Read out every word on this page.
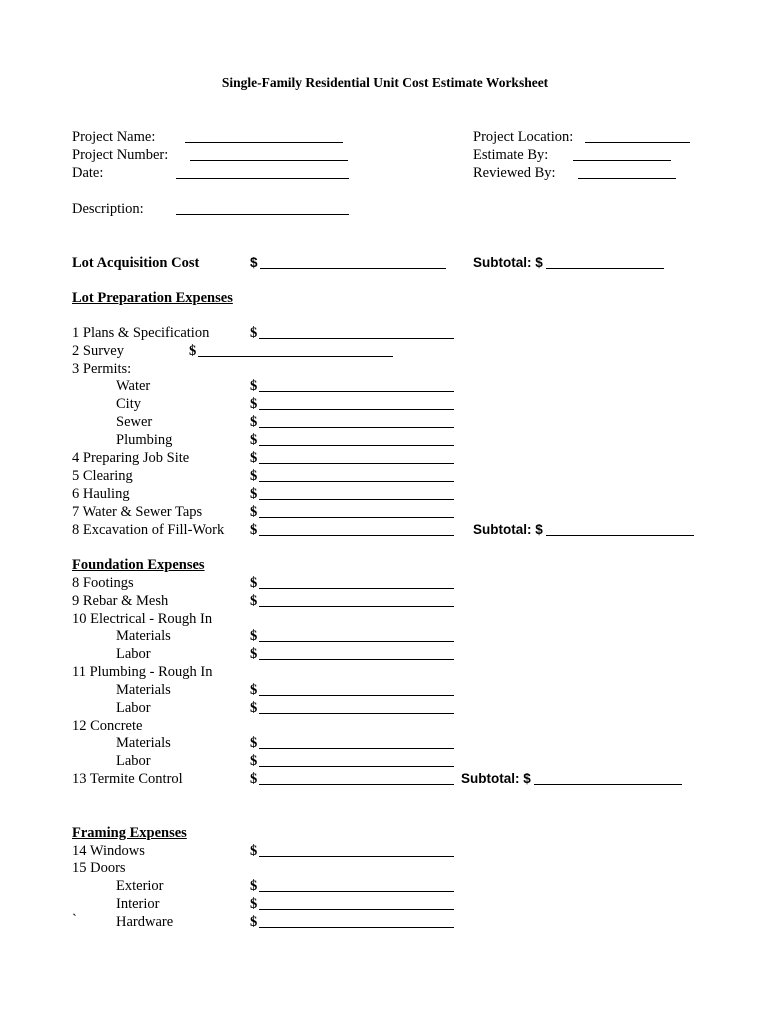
Single-Family Residential Unit Cost Estimate Worksheet
Project Name:
Project Number:
Date:
Description:
Project Location:
Estimate By:
Reviewed By:
Lot Acquisition Cost	$	Subtotal: $
Lot Preparation Expenses
1 Plans & Specification	$
2 Survey	$
3 Permits:
Water	$
City	$
Sewer	$
Plumbing	$
4 Preparing Job Site	$
5 Clearing	$
6 Hauling	$
7 Water & Sewer Taps	$
8 Excavation of Fill-Work $	Subtotal: $
Foundation Expenses
8 Footings	$
9 Rebar & Mesh	$
10 Electrical - Rough In
Materials	$
Labor	$
11 Plumbing - Rough In
Materials	$
Labor	$
12 Concrete
Materials	$
Labor	$
13 Termite Control	$	Subtotal: $
Framing Expenses
14 Windows	$
15 Doors
Exterior	$
Interior	$
`	Hardware	$
